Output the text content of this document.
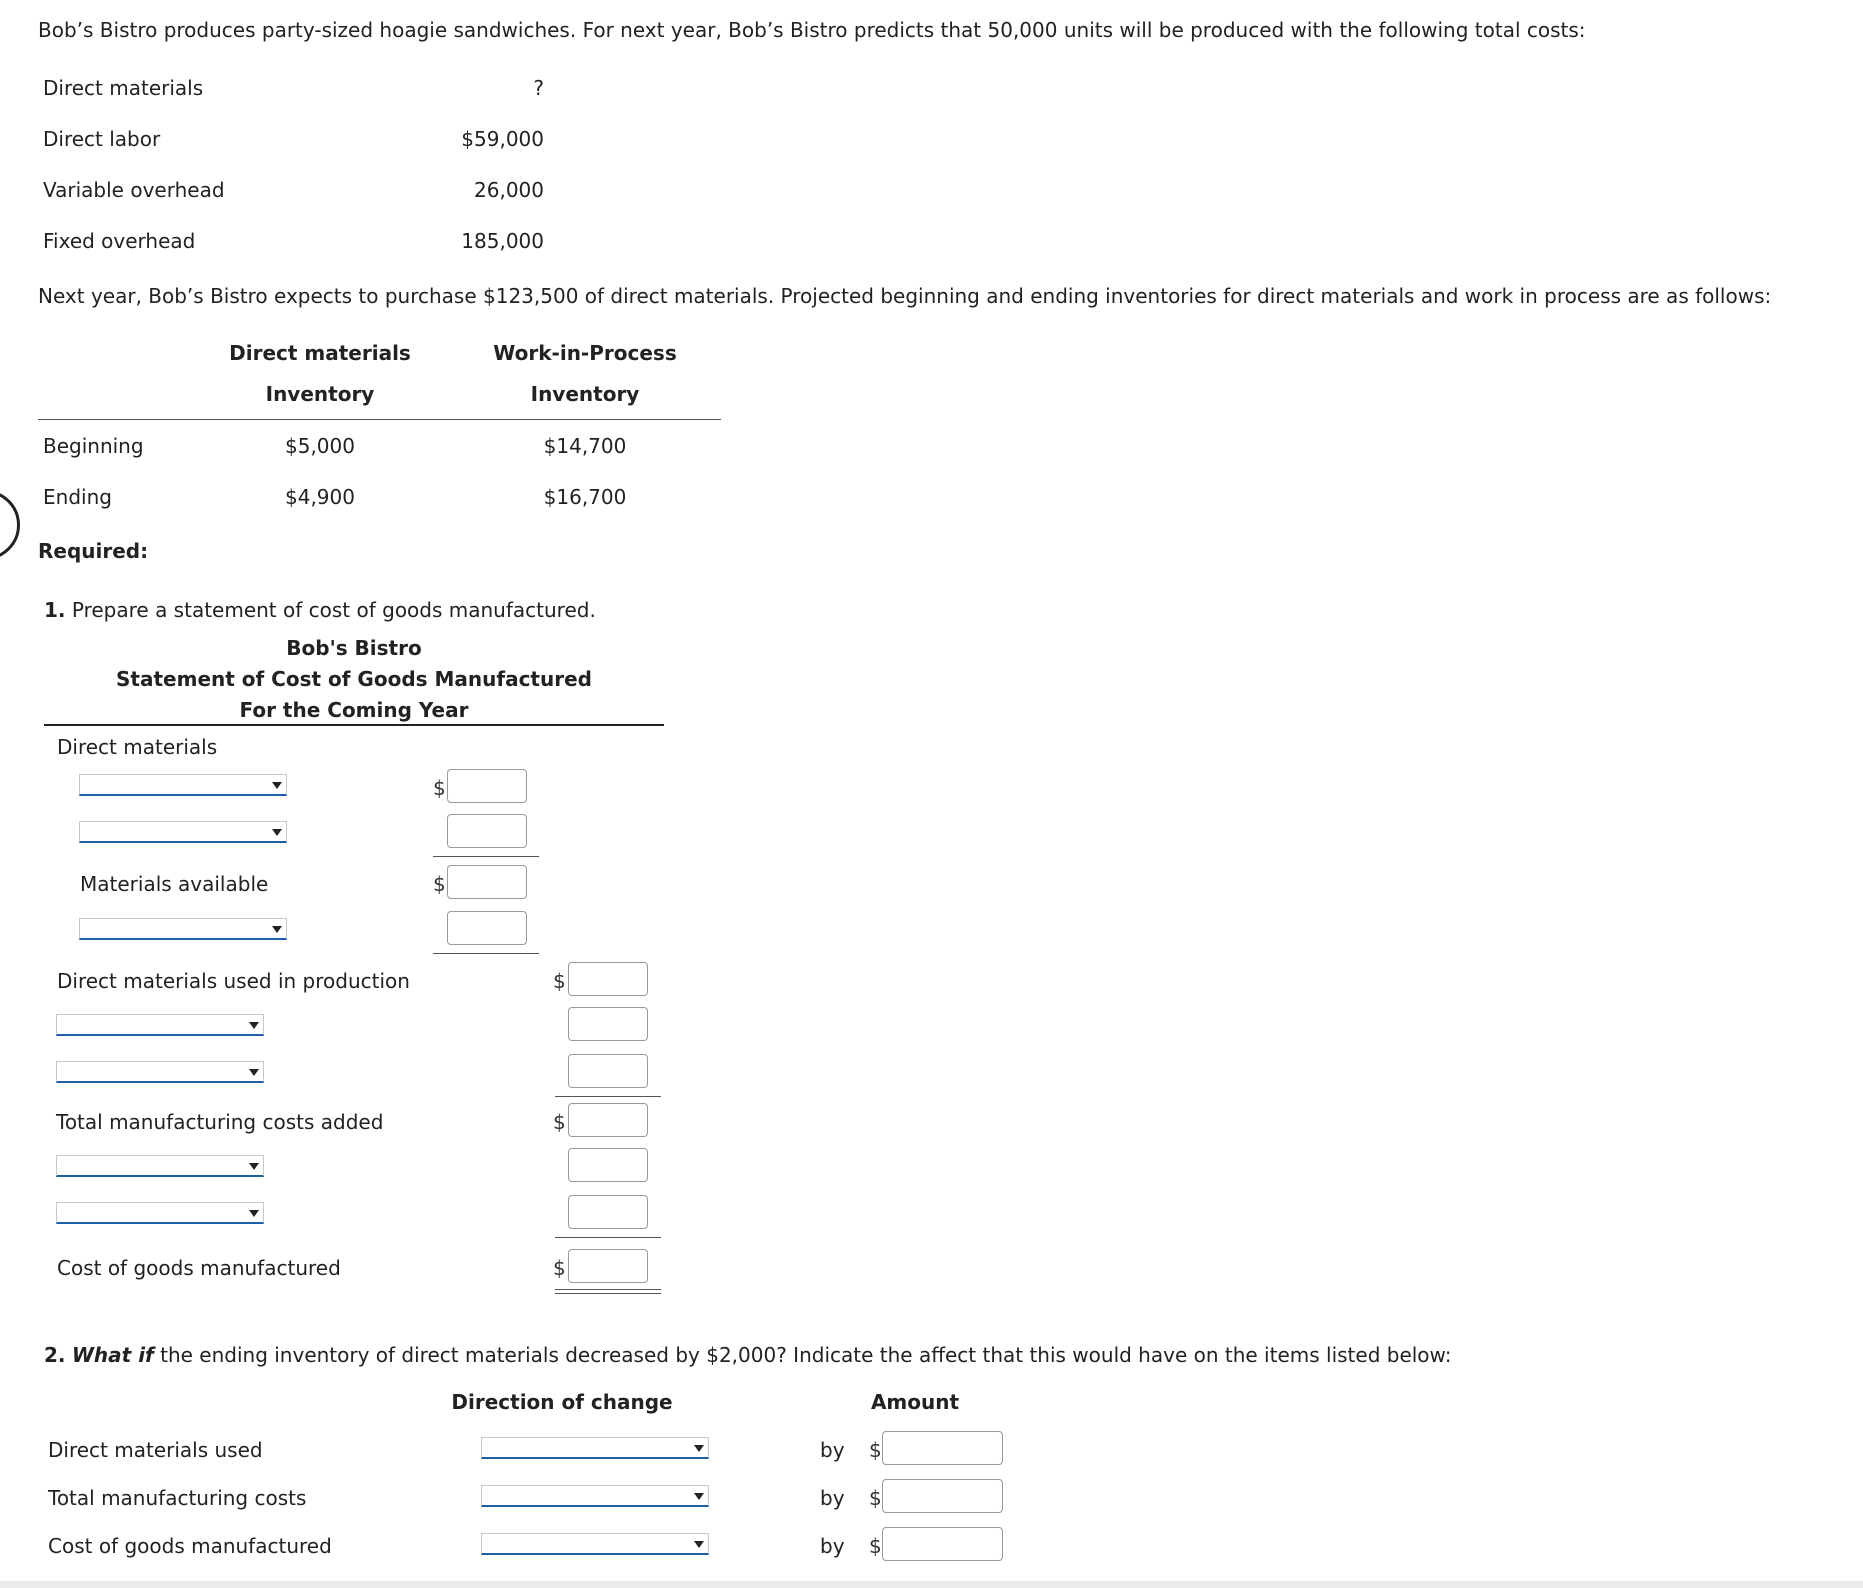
Bob’s Bistro produces party-sized hoagie sandwiches. For next year, Bob’s Bistro predicts that 50,000 units will be produced with the following total costs:
Direct materials	?
Direct labor	$59,000
Variable overhead	26,000
Fixed overhead	185,000
Next year, Bob’s Bistro expects to purchase $123,500 of direct materials. Projected beginning and ending inventories for direct materials and work in process are as follows:
Direct materials
Inventory
Work-in-Process
Inventory
Beginning	$5,000	$14,700
Ending	$4,900	$16,700
Required:
1. Prepare a statement of cost of goods manufactured.
Bob's Bistro
Statement of Cost of Goods Manufactured
For the Coming Year
Direct materials
$
Materials available	$
Direct materials used in production	$
Total manufacturing costs added	$
Cost of goods manufactured	$
2. What if the ending inventory of direct materials decreased by $2,000? Indicate the affect that this would have on the items listed below:
Direction of change	Amount
Direct materials used	by $
Total manufacturing costs	by $
Cost of goods manufactured	by $
